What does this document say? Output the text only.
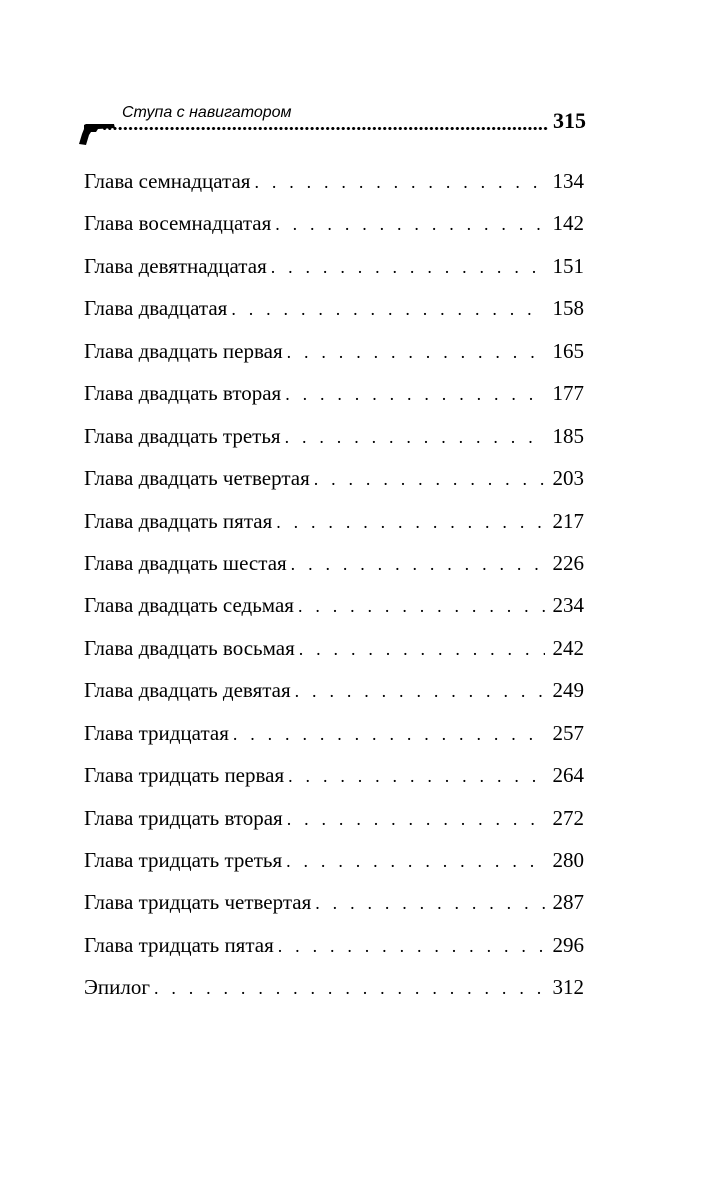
Ступа с навигатором	315
Глава семнадцатая . . .	134
Глава восемнадцатая . . .	142
Глава девятнадцатая . . .	151
Глава двадцатая . . .	158
Глава двадцать первая . . .	165
Глава двадцать вторая . . .	177
Глава двадцать третья . . .	185
Глава двадцать четвертая . . .	203
Глава двадцать пятая . . .	217
Глава двадцать шестая . . .	226
Глава двадцать седьмая . . .	234
Глава двадцать восьмая . . .	242
Глава двадцать девятая . . .	249
Глава тридцатая . . .	257
Глава тридцать первая . . .	264
Глава тридцать вторая . . .	272
Глава тридцать третья . . .	280
Глава тридцать четвертая . . .	287
Глава тридцать пятая . . .	296
Эпилог . . .	312
